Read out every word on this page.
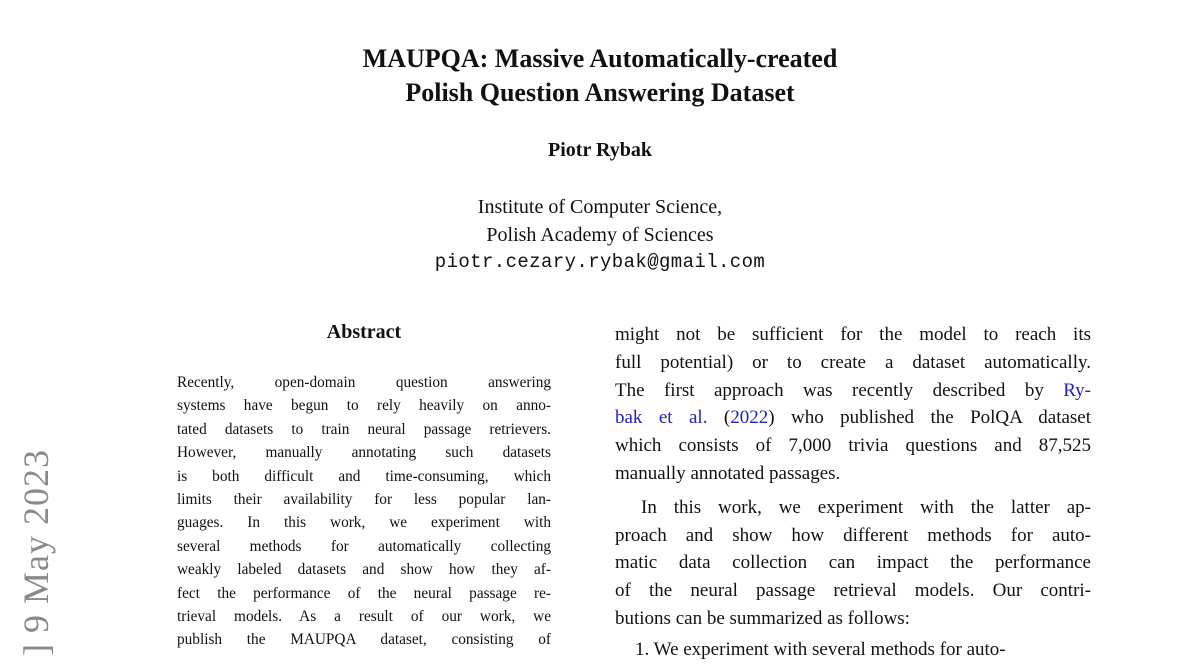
] 9 May 2023
MAUPQA: Massive Automatically-created
Polish Question Answering Dataset
Piotr Rybak
Institute of Computer Science,
Polish Academy of Sciences
piotr.cezary.rybak@gmail.com
Abstract
Recently, open-domain question answering
systems have begun to rely heavily on anno-
tated datasets to train neural passage retrievers.
However, manually annotating such datasets
is both difficult and time-consuming, which
limits their availability for less popular lan-
guages. In this work, we experiment with
several methods for automatically collecting
weakly labeled datasets and show how they af-
fect the performance of the neural passage re-
trieval models. As a result of our work, we
publish the MAUPQA dataset, consisting of
might not be sufficient for the model to reach its
full potential) or to create a dataset automatically.
The first approach was recently described by Ry-
bak et al. (2022) who published the PolQA dataset
which consists of 7,000 trivia questions and 87,525
manually annotated passages.
In this work, we experiment with the latter ap-
proach and show how different methods for auto-
matic data collection can impact the performance
of the neural passage retrieval models. Our contri-
butions can be summarized as follows:
1. We experiment with several methods for auto-
